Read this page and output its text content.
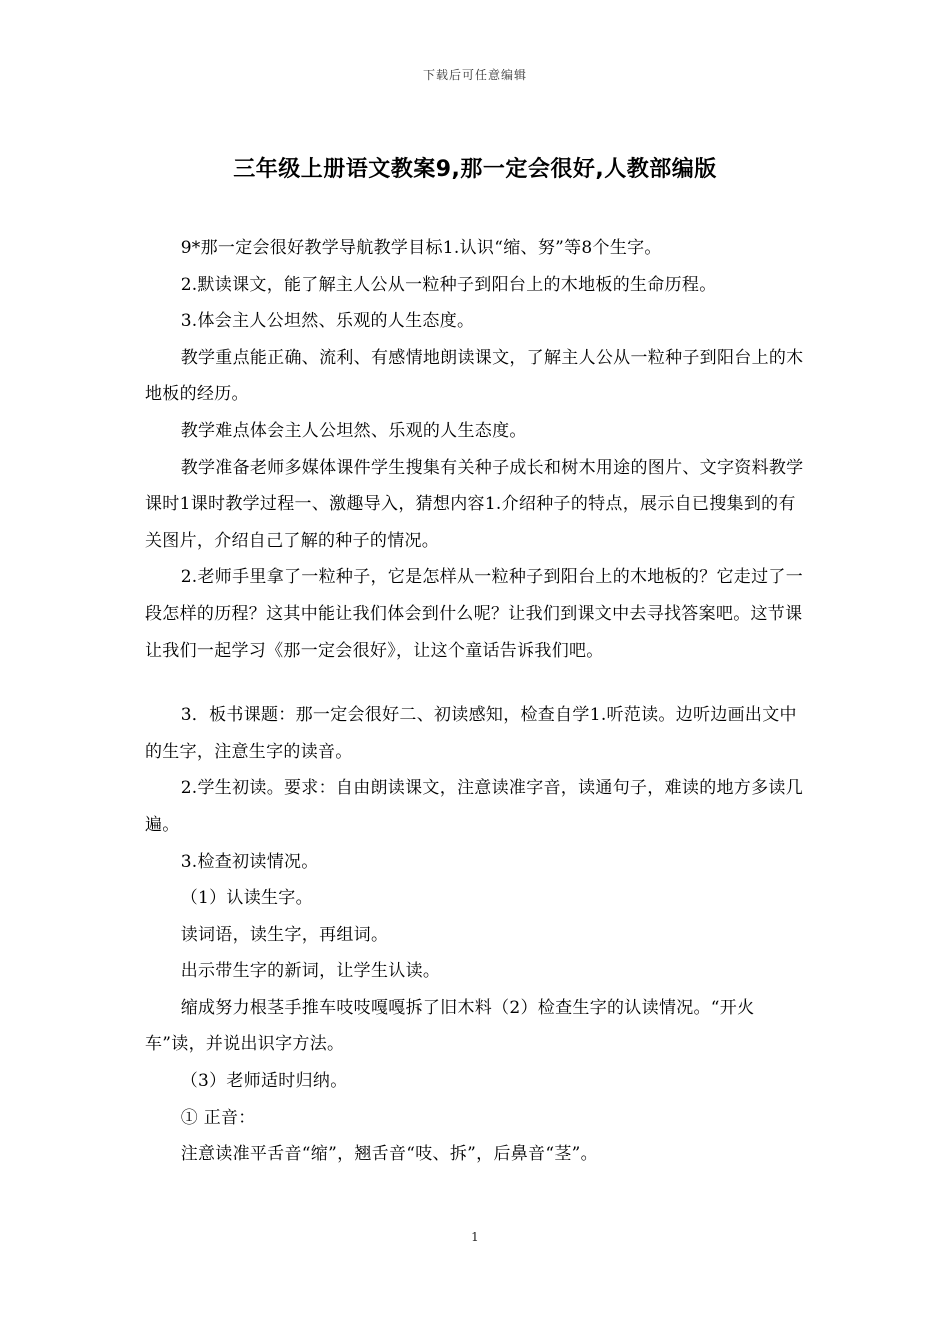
下载后可任意编辑
三年级上册语文教案9,那一定会很好,人教部编版

9*那一定会很好教学导航教学目标1.认识“缩、努”等8个生字。

2.默读课文，能了解主人公从一粒种子到阳台上的木地板的生命历程。

3.体会主人公坦然、乐观的人生态度。

教学重点能正确、流利、有感情地朗读课文，了解主人公从一粒种子到阳台上的木地板的经历。

教学难点体会主人公坦然、乐观的人生态度。

教学准备老师多媒体课件学生搜集有关种子成长和树木用途的图片、文字资料教学课时1课时教学过程一、激趣导入，猜想内容1.介绍种子的特点，展示自已搜集到的有关图片，介绍自己了解的种子的情况。

2.老师手里拿了一粒种子，它是怎样从一粒种子到阳台上的木地板的？它走过了一段怎样的历程？这其中能让我们体会到什么呢？让我们到课文中去寻找答案吧。这节课让我们一起学习《那一定会很好》，让这个童话告诉我们吧。

3．板书课题：那一定会很好二、初读感知，检查自学1.听范读。边听边画出文中的生字，注意生字的读音。

2.学生初读。要求：自由朗读课文，注意读准字音，读通句子，难读的地方多读几遍。

3.检查初读情况。

（1）认读生字。

读词语，读生字，再组词。

出示带生字的新词，让学生认读。

缩成努力根茎手推车吱吱嘎嘎拆了旧木料（2）检查生字的认读情况。“开火车”读，并说出识字方法。

（3）老师适时归纳。

① 正音：

注意读准平舌音“缩”，翘舌音“吱、拆”，后鼻音“茎”。

1
